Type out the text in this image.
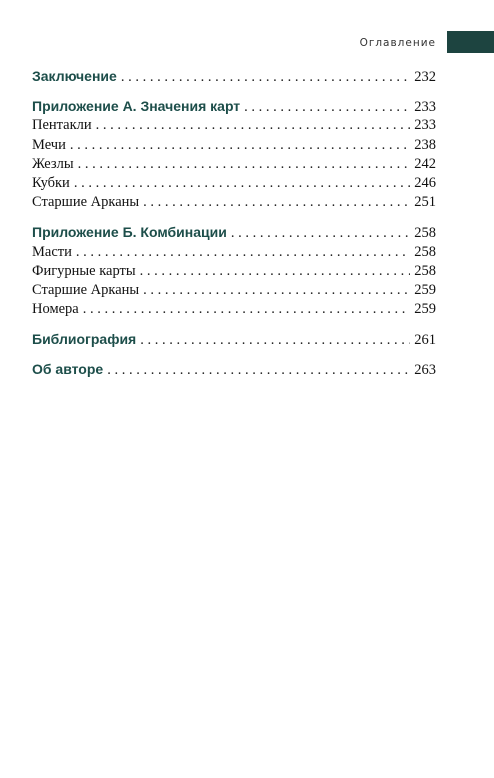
Оглавление
Заключение . . .	232
Приложение А. Значения карт . . .	233
Пентакли . . .	233
Мечи . . .	238
Жезлы . . .	242
Кубки . . .	246
Старшие Арканы . . .	251
Приложение Б. Комбинации . . .	258
Масти . . .	258
Фигурные карты . . .	258
Старшие Арканы . . .	259
Номера . . .	259
Библиография . . .	261
Об авторе . . .	263
